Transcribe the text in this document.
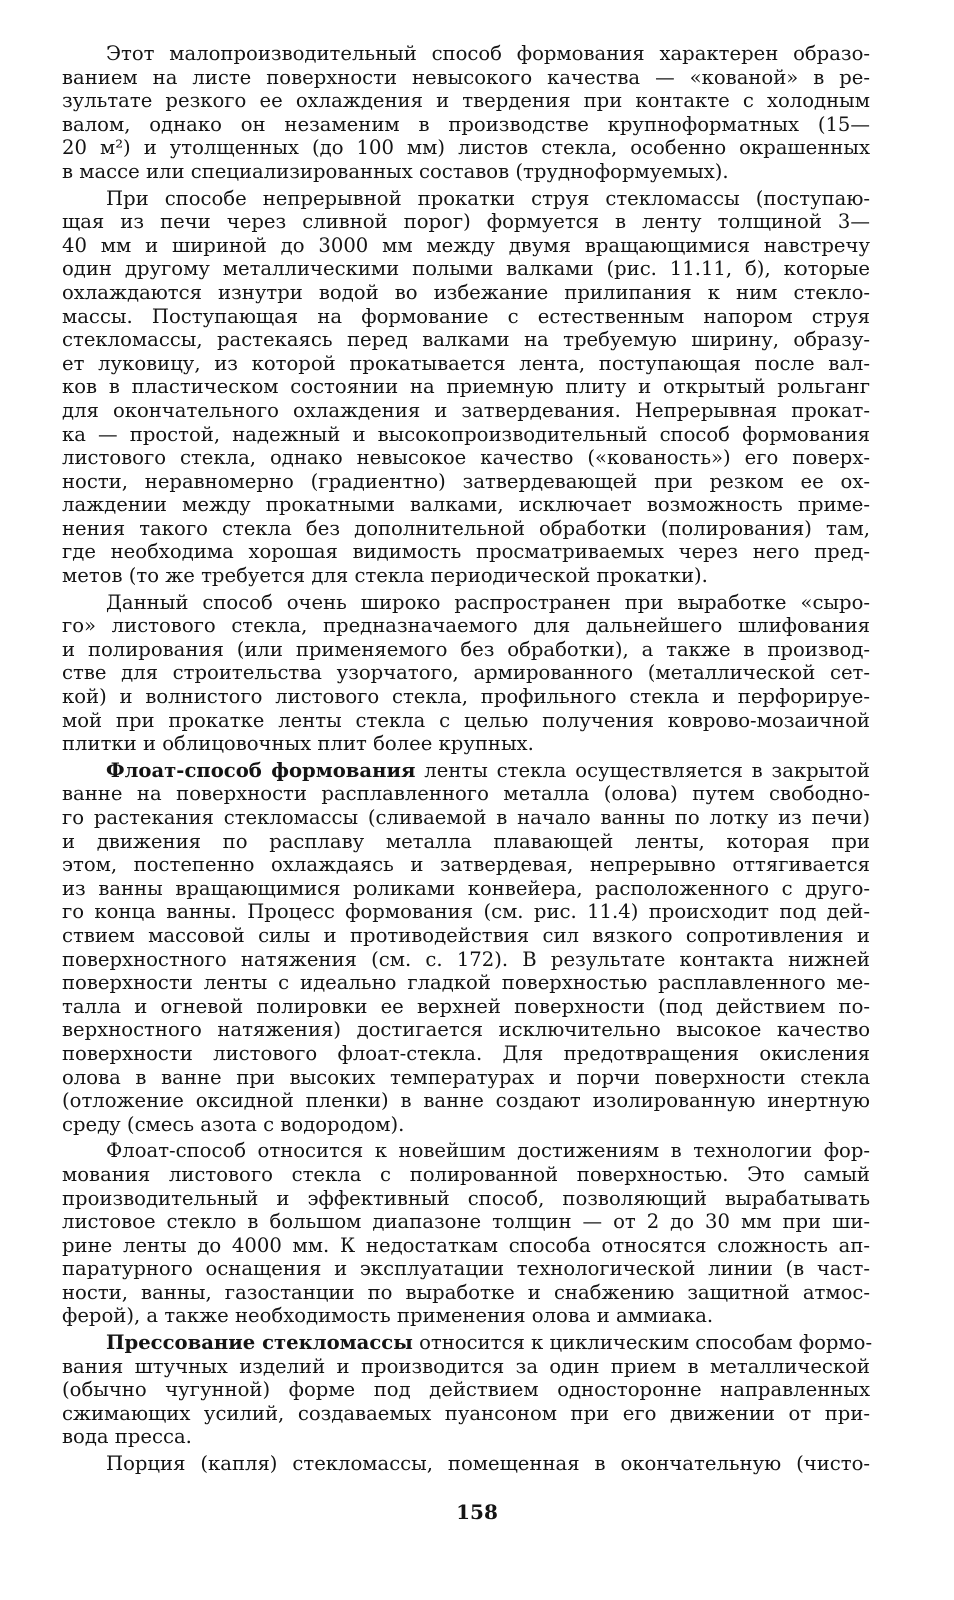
Этот малопроизводительный способ формования характерен образо-
ванием на листе поверхности невысокого качества — «кованой» в ре-
зультате резкого ее охлаждения и твердения при контакте с холодным
валом, однако он незаменим в производстве крупноформатных (15—
20 м²) и утолщенных (до 100 мм) листов стекла, особенно окрашенных
в массе или специализированных составов (трудноформуемых).
При способе непрерывной прокатки струя стекломассы (поступаю-
щая из печи через сливной порог) формуется в ленту толщиной 3—
40 мм и шириной до 3000 мм между двумя вращающимися навстречу
один другому металлическими полыми валками (рис. 11.11, б), которые
охлаждаются изнутри водой во избежание прилипания к ним стекло-
массы. Поступающая на формование с естественным напором струя
стекломассы, растекаясь перед валками на требуемую ширину, образу-
ет луковицу, из которой прокатывается лента, поступающая после вал-
ков в пластическом состоянии на приемную плиту и открытый рольганг
для окончательного охлаждения и затвердевания. Непрерывная прокат-
ка — простой, надежный и высокопроизводительный способ формования
листового стекла, однако невысокое качество («кованость») его поверх-
ности, неравномерно (градиентно) затвердевающей при резком ее ох-
лаждении между прокатными валками, исключает возможность приме-
нения такого стекла без дополнительной обработки (полирования) там,
где необходима хорошая видимость просматриваемых через него пред-
метов (то же требуется для стекла периодической прокатки).
Данный способ очень широко распространен при выработке «сыро-
го» листового стекла, предназначаемого для дальнейшего шлифования
и полирования (или применяемого без обработки), а также в производ-
стве для строительства узорчатого, армированного (металлической сет-
кой) и волнистого листового стекла, профильного стекла и перфорируе-
мой при прокатке ленты стекла с целью получения коврово-мозаичной
плитки и облицовочных плит более крупных.
Флоат-способ формования ленты стекла осуществляется в закрытой
ванне на поверхности расплавленного металла (олова) путем свободно-
го растекания стекломассы (сливаемой в начало ванны по лотку из печи)
и движения по расплаву металла плавающей ленты, которая при
этом, постепенно охлаждаясь и затвердевая, непрерывно оттягивается
из ванны вращающимися роликами конвейера, расположенного с друго-
го конца ванны. Процесс формования (см. рис. 11.4) происходит под дей-
ствием массовой силы и противодействия сил вязкого сопротивления и
поверхностного натяжения (см. с. 172). В результате контакта нижней
поверхности ленты с идеально гладкой поверхностью расплавленного ме-
талла и огневой полировки ее верхней поверхности (под действием по-
верхностного натяжения) достигается исключительно высокое качество
поверхности листового флоат-стекла. Для предотвращения окисления
олова в ванне при высоких температурах и порчи поверхности стекла
(отложение оксидной пленки) в ванне создают изолированную инертную
среду (смесь азота с водородом).
Флоат-способ относится к новейшим достижениям в технологии фор-
мования листового стекла с полированной поверхностью. Это самый
производительный и эффективный способ, позволяющий вырабатывать
листовое стекло в большом диапазоне толщин — от 2 до 30 мм при ши-
рине ленты до 4000 мм. К недостаткам способа относятся сложность ап-
паратурного оснащения и эксплуатации технологической линии (в част-
ности, ванны, газостанции по выработке и снабжению защитной атмос-
ферой), а также необходимость применения олова и аммиака.
Прессование стекломассы относится к циклическим способам формо-
вания штучных изделий и производится за один прием в металлической
(обычно чугунной) форме под действием односторонне направленных
сжимающих усилий, создаваемых пуансоном при его движении от при-
вода пресса.
Порция (капля) стекломассы, помещенная в окончательную (чисто-
158
